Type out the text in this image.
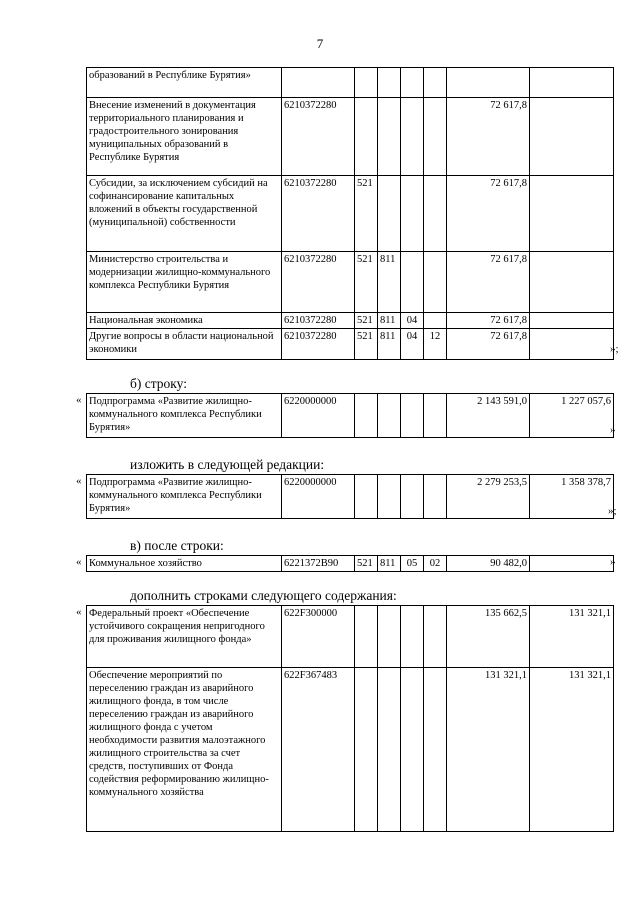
7
образований в Республике Бурятия»							
Внесение изменений в документация территориального планирования и градостроительного зонирования муниципальных образований в Республике Бурятия	6210372280					72 617,8	
Субсидии, за исключением субсидий на софинансирование капитальных вложений в объекты государственной (муниципальной) собственности	6210372280	521				72 617,8	
Министерство строительства и модернизации жилищно-коммунального комплекса Республики Бурятия	6210372280	521	811			72 617,8	
Национальная экономика	6210372280	521	811	04		72 617,8	
Другие вопросы в области национальной экономики	6210372280	521	811	04	12	72 617,8	
»;
б) строку:
« Подпрограмма «Развитие жилищно-коммунального комплекса Республики Бурятия»	6220000000					2 143 591,0	1 227 057,6
»
изложить в следующей редакции:
« Подпрограмма «Развитие жилищно-коммунального комплекса Республики Бурятия»	6220000000					2 279 253,5	1 358 378,7
»;
в) после строки:
« Коммунальное хозяйство	6221372B90	521	811	05	02	90 482,0		»
дополнить строками следующего содержания:
« Федеральный проект «Обеспечение устойчивого сокращения непригодного для проживания жилищного фонда»	622F300000					135 662,5	131 321,1
Обеспечение мероприятий по переселению граждан из аварийного жилищного фонда, в том числе переселению граждан из аварийного жилищного фонда с учетом необходимости развития малоэтажного жилищного строительства за счет средств, поступивших от Фонда содействия реформированию жилищно-коммунального хозяйства	622F367483					131 321,1	131 321,1
